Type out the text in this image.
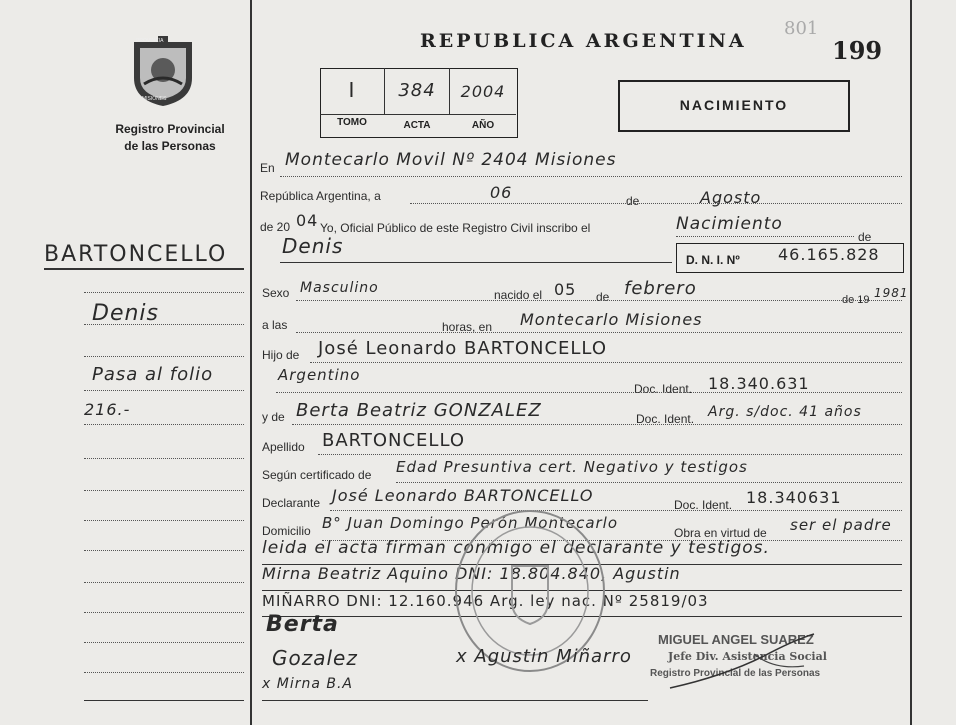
PROVINCIA
MISIONES
Registro Provincial
de las Personas
BARTONCELLO
Denis
Pasa al folio
216.-
REPUBLICA ARGENTINA
801
199
I	384	2004
TOMO	ACTA	AÑO
NACIMIENTO
En Montecarlo Movil Nº 2404 Misiones
República Argentina, a	06	de	Agosto
de 20 04 Yo, Oficial Público de este Registro Civil inscribo el	Nacimiento
de
Denis
D. N. I. Nº 46.165.828
Sexo Masculino	nacido el 05 de febrero
de 19 1981
a las	horas, en Montecarlo Misiones
Hijo de José Leonardo BARTONCELLO
Argentino
Doc. Ident. 18.340.631
y de Berta Beatriz GONZALEZ	Doc. Ident. Arg. s/doc. 41 años
Apellido BARTONCELLO
Según certificado de Edad Presuntiva cert. Negativo y testigos
Declarante José Leonardo BARTONCELLO	Doc. Ident. 18.340631
Domicilio B° Juan Domingo Perón Montecarlo
Obra en virtud de ser el padre
leida el acta firman conmigo el declarante y testigos.
Mirna Beatriz Aquino DNI: 18.804.840, Agustin
MIÑARRO DNI: 12.160.946 Arg. ley nac. Nº 25819/03
Berta
Gozalez
x Mirna B.A
x Agustin Miñarro
MIGUEL ANGEL SUAREZ
Jefe Div. Asistencia Social
Registro Provincial de las Personas
